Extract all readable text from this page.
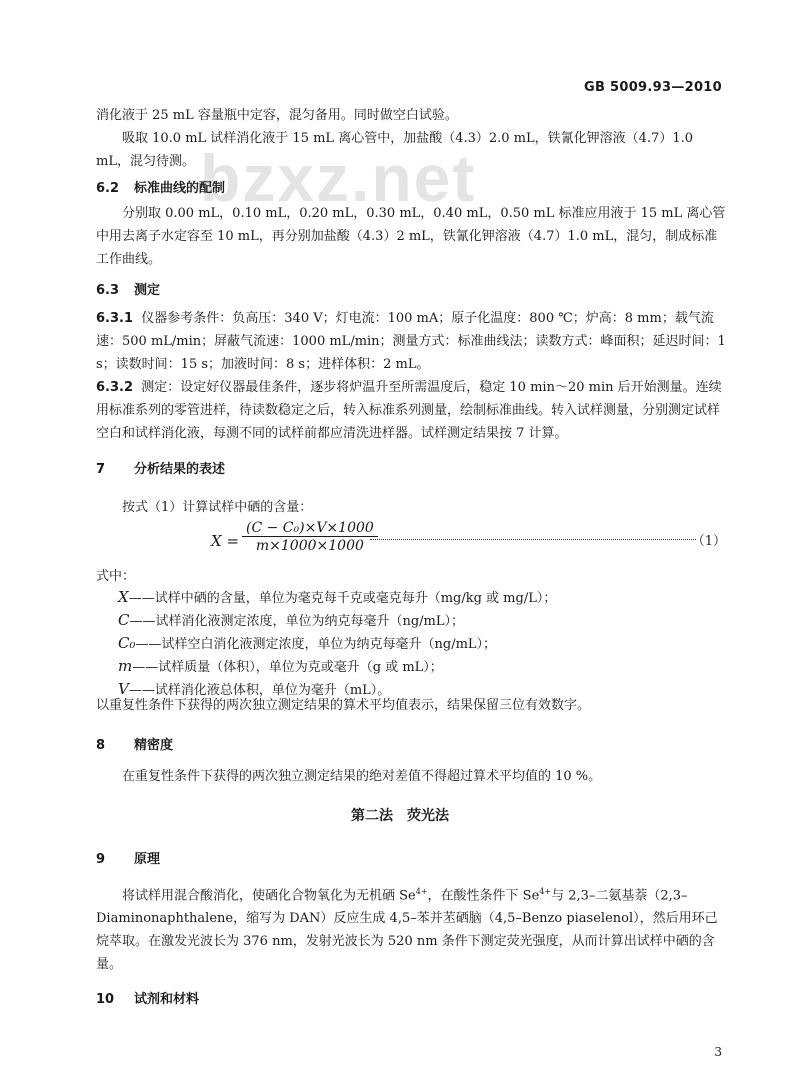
GB 5009.93—2010
bzxz.net
消化液于 25 mL 容量瓶中定容，混匀备用。同时做空白试验。
吸取 10.0 mL 试样消化液于 15 mL 离心管中，加盐酸（4.3）2.0 mL，铁氰化钾溶液（4.7）1.0 mL，混匀待测。
6.2 标准曲线的配制
分别取 0.00 mL，0.10 mL，0.20 mL，0.30 mL，0.40 mL，0.50 mL 标准应用液于 15 mL 离心管中用去离子水定容至 10 mL，再分别加盐酸（4.3）2 mL，铁氰化钾溶液（4.7）1.0 mL，混匀，制成标准工作曲线。
6.3 测定
6.3.1 仪器参考条件：负高压：340 V；灯电流：100 mA；原子化温度：800 ℃；炉高：8 mm；载气流速：500 mL/min；屏蔽气流速：1000 mL/min；测量方式：标准曲线法；读数方式：峰面积；延迟时间：1 s；读数时间：15 s；加液时间：8 s；进样体积：2 mL。
6.3.2 测定：设定好仪器最佳条件，逐步将炉温升至所需温度后，稳定 10 min～20 min 后开始测量。连续用标准系列的零管进样，待读数稳定之后，转入标准系列测量，绘制标准曲线。转入试样测量，分别测定试样空白和试样消化液，每测不同的试样前都应清洗进样器。试样测定结果按 7 计算。
7 分析结果的表述
按式（1）计算试样中硒的含量：
$X = \frac{\text{(C − C₀)×V×1000}}{m\times 1000\times 1000}$	（1）
式中：
X——试样中硒的含量，单位为毫克每千克或毫克每升（mg/kg 或 mg/L）；
C——试样消化液测定浓度，单位为纳克每毫升（ng/mL）；
C₀——试样空白消化液测定浓度，单位为纳克每毫升（ng/mL）；
m——试样质量（体积），单位为克或毫升（g 或 mL）；
V——试样消化液总体积，单位为毫升（mL）。
以重复性条件下获得的两次独立测定结果的算术平均值表示，结果保留三位有效数字。
8 精密度
在重复性条件下获得的两次独立测定结果的绝对差值不得超过算术平均值的 10 %。
第二法　荧光法
9 原理
将试样用混合酸消化，使硒化合物氧化为无机硒 $Se^{4+}$，在酸性条件下 $Se^{4+}$与 2,3–二氨基萘（2,3–Diaminonaphthalene，缩写为 DAN）反应生成 4,5–苯并苤硒脑（4,5–Benzo piaselenol），然后用环己烷萃取。在激发光波长为 376 nm，发射光波长为 520 nm 条件下测定荧光强度，从而计算出试样中硒的含量。
10 试剂和材料
3
